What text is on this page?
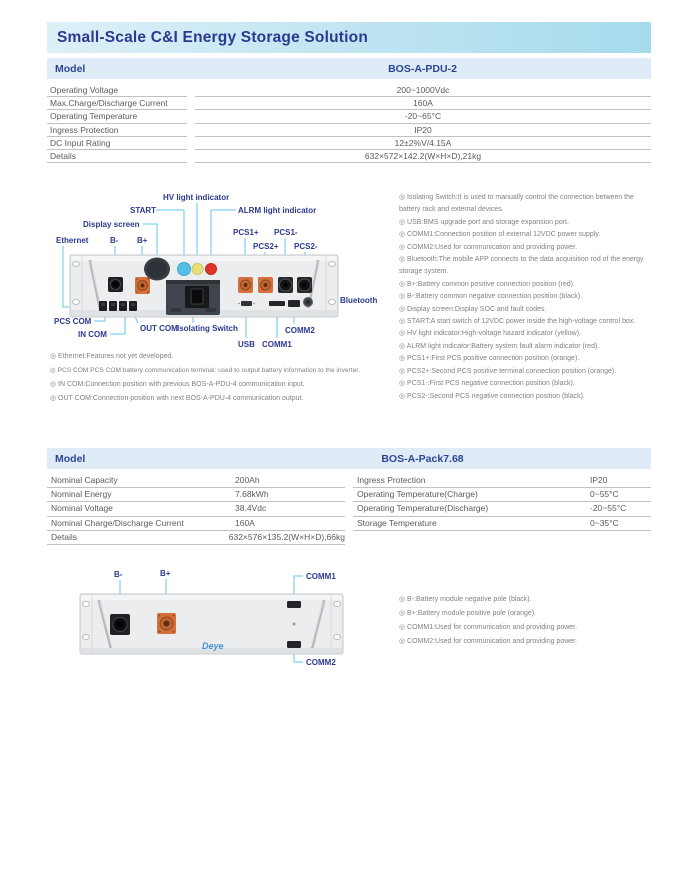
Small-Scale C&I Energy Storage Solution
Model	BOS-A-PDU-2
Operating Voltage	200~1000Vdc
Max.Charge/Discharge Current	160A
Operating Temperature	-20~65°C
Ingress Protection	IP20
DC Input Rating	12±2%V/4.15A
Details	632×572×142.2(W×H×D),21kg
HV light indicator
START	ALRM light indicator
Display screen
Ethernet	B- B+
PCS1+ PCS1-
PCS2+ PCS2-
Bluetooth
PCS COM
IN COM
OUT COM Isolating Switch
USB COMM1
COMM2
◎ Ethernet:Features not yet developed.
◎ PCS COM:PCS COM battery communication terminal: used to output battery information to the inverter.
◎ IN COM:Connection position with previous BOS-A-PDU-4 communication input.
◎ OUT COM:Connection position with next BOS-A-PDU-4 communication output.
◎ Isolating Switch:It is used to manually control the connection between the battery rack and external devices.
◎ USB:BMS upgrade port and storage expansion port.
◎ COMM1:Connection position of external 12VDC power supply.
◎ COMM2:Used for communication and providing power.
◎ Bluetooth:The mobile APP connects to the data acquisition rod of the energy storage system.
◎ B+:Battery common positive connection position (red).
◎ B-:Battery common negative connection position (black).
◎ Display screen:Display SOC and fault codes.
◎ START:A start switch of 12VDC power inside the high-voltage control box.
◎ HV light indicator:High-voltage hazard indicator (yellow).
◎ ALRM light indicator:Battery system fault alarm indicator (red).
◎ PCS1+:First PCS positive connection position (orange).
◎ PCS2+:Second PCS positive terminal connection position (orange).
◎ PCS1-:First PCS negative connection position (black).
◎ PCS2-:Second PCS negative connection position (black).
Model	BOS-A-Pack7.68
Nominal Capacity	200Ah
Nominal Energy	7.68kWh
Nominal Voltage	38.4Vdc
Nominal Charge/Discharge Current	160A
Details	632×576×135.2(W×H×D),66kg
Ingress Protection	IP20
Operating Temperature(Charge)	0~55°C
Operating Temperature(Discharge)	-20~55°C
Storage Temperature	0~35°C
Deye
B-	B+	COMM1
COMM2
◎ B-:Battery module negative pole (black).
◎ B+:Battery module positive pole (orange).
◎ COMM1:Used for communication and providing power.
◎ COMM2:Used for communication and providing power.
